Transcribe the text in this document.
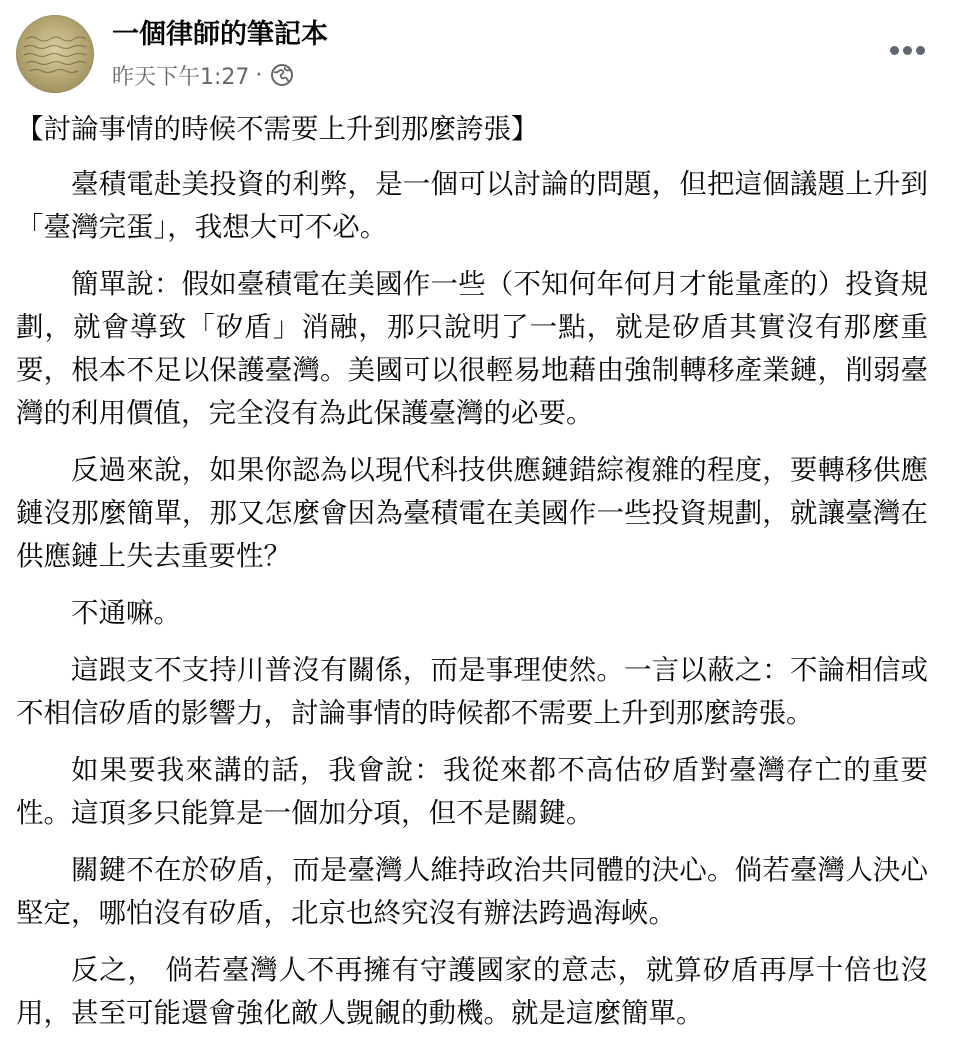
一個律師的筆記本
昨天下午1:27 ·

【討論事情的時候不需要上升到那麼誇張】

臺積電赴美投資的利弊，是一個可以討論的問題，但把這個議題上升到「臺灣完蛋」，我想大可不必。

簡單說：假如臺積電在美國作一些（不知何年何月才能量產的）投資規劃，就會導致「矽盾」消融，那只說明了一點，就是矽盾其實沒有那麼重要，根本不足以保護臺灣。美國可以很輕易地藉由強制轉移產業鏈，削弱臺灣的利用價值，完全沒有為此保護臺灣的必要。

反過來說，如果你認為以現代科技供應鏈錯綜複雜的程度，要轉移供應鏈沒那麼簡單，那又怎麼會因為臺積電在美國作一些投資規劃，就讓臺灣在供應鏈上失去重要性？

不通嘛。

這跟支不支持川普沒有關係，而是事理使然。一言以蔽之：不論相信或不相信矽盾的影響力，討論事情的時候都不需要上升到那麼誇張。

如果要我來講的話，我會說：我從來都不高估矽盾對臺灣存亡的重要性。這頂多只能算是一個加分項，但不是關鍵。

關鍵不在於矽盾，而是臺灣人維持政治共同體的決心。倘若臺灣人決心堅定，哪怕沒有矽盾，北京也終究沒有辦法跨過海峽。

反之， 倘若臺灣人不再擁有守護國家的意志，就算矽盾再厚十倍也沒用，甚至可能還會強化敵人覬覦的動機。就是這麼簡單。
